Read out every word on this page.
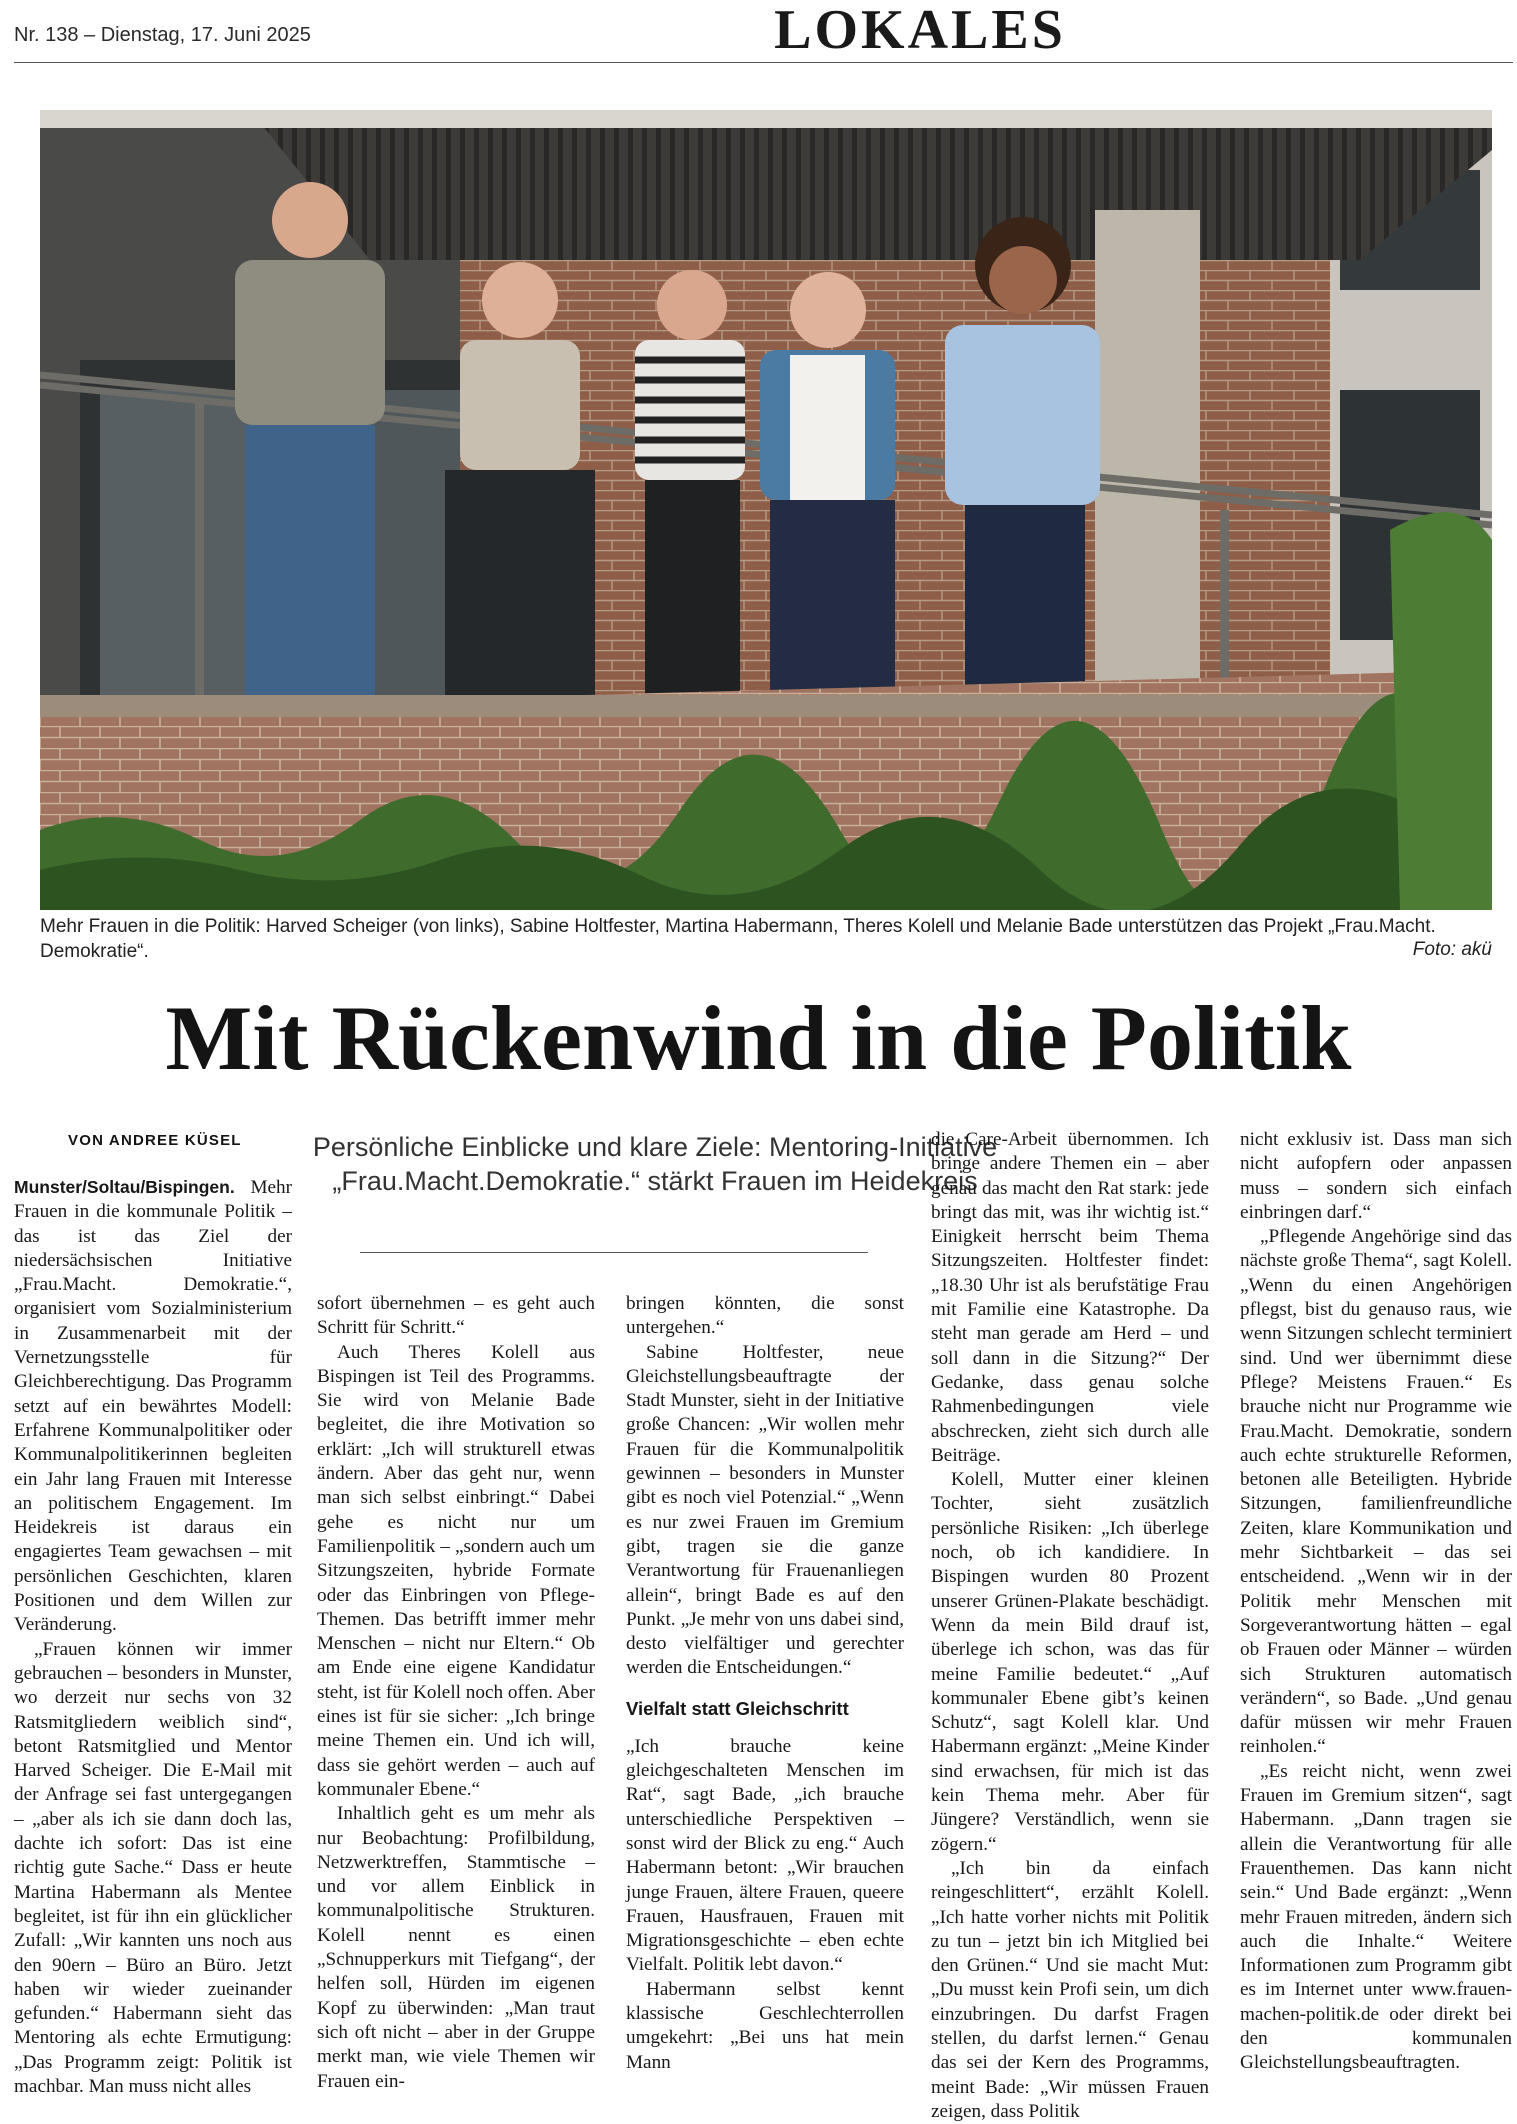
Nr. 138 – Dienstag, 17. Juni 2025	LOKALES
Mehr Frauen in die Politik: Harved Scheiger (von links), Sabine Holtfester, Martina Habermann, Theres Kolell und Melanie Bade unterstützen das Projekt „Frau.Macht. Demokratie“.	Foto: akü
Mit Rückenwind in die Politik
VON ANDREE KÜSEL	Persönliche Einblicke und klare Ziele: Mentoring-Initiative „Frau.Macht.Demokratie.“ stärkt Frauen im Heidekreis

Munster/Soltau/Bispingen. Mehr Frauen in die kommunale Politik – das ist das Ziel der niedersächsischen Initiative „Frau.Macht. Demokratie.“, organisiert vom Sozialministerium in Zusammenarbeit mit der Vernetzungsstelle für Gleichberechtigung. Das Programm setzt auf ein bewährtes Modell: Erfahrene Kommunalpolitiker oder Kommunalpolitikerinnen begleiten ein Jahr lang Frauen mit Interesse an politischem Engagement. Im Heidekreis ist daraus ein engagiertes Team gewachsen – mit persönlichen Geschichten, klaren Positionen und dem Willen zur Veränderung.

„Frauen können wir immer gebrauchen – besonders in Munster, wo derzeit nur sechs von 32 Ratsmitgliedern weiblich sind“, betont Ratsmitglied und Mentor Harved Scheiger. Die E-Mail mit der Anfrage sei fast untergegangen – „aber als ich sie dann doch las, dachte ich sofort: Das ist eine richtig gute Sache.“ Dass er heute Martina Habermann als Mentee begleitet, ist für ihn ein glücklicher Zufall: „Wir kannten uns noch aus den 90ern – Büro an Büro. Jetzt haben wir wieder zueinander gefunden.“ Habermann sieht das Mentoring als echte Ermutigung: „Das Programm zeigt: Politik ist machbar. Man muss nicht alles

sofort übernehmen – es geht auch Schritt für Schritt.“

Auch Theres Kolell aus Bispingen ist Teil des Programms. Sie wird von Melanie Bade begleitet, die ihre Motivation so erklärt: „Ich will strukturell etwas ändern. Aber das geht nur, wenn man sich selbst einbringt.“ Dabei gehe es nicht nur um Familienpolitik – „sondern auch um Sitzungszeiten, hybride Formate oder das Einbringen von Pflege-Themen. Das betrifft immer mehr Menschen – nicht nur Eltern.“ Ob am Ende eine eigene Kandidatur steht, ist für Kolell noch offen. Aber eines ist für sie sicher: „Ich bringe meine Themen ein. Und ich will, dass sie gehört werden – auch auf kommunaler Ebene.“

Inhaltlich geht es um mehr als nur Beobachtung: Profilbildung, Netzwerktreffen, Stammtische – und vor allem Einblick in kommunalpolitische Strukturen. Kolell nennt es einen „Schnupperkurs mit Tiefgang“, der helfen soll, Hürden im eigenen Kopf zu überwinden: „Man traut sich oft nicht – aber in der Gruppe merkt man, wie viele Themen wir Frauen ein-

bringen könnten, die sonst untergehen.“

Sabine Holtfester, neue Gleichstellungsbeauftragte der Stadt Munster, sieht in der Initiative große Chancen: „Wir wollen mehr Frauen für die Kommunalpolitik gewinnen – besonders in Munster gibt es noch viel Potenzial.“ „Wenn es nur zwei Frauen im Gremium gibt, tragen sie die ganze Verantwortung für Frauenanliegen allein“, bringt Bade es auf den Punkt. „Je mehr von uns dabei sind, desto vielfältiger und gerechter werden die Entscheidungen.“

Vielfalt statt Gleichschritt

„Ich brauche keine gleichgeschalteten Menschen im Rat“, sagt Bade, „ich brauche unterschiedliche Perspektiven – sonst wird der Blick zu eng.“ Auch Habermann betont: „Wir brauchen junge Frauen, ältere Frauen, queere Frauen, Hausfrauen, Frauen mit Migrationsgeschichte – eben echte Vielfalt. Politik lebt davon.“

Habermann selbst kennt klassische Geschlechterrollen umgekehrt: „Bei uns hat mein Mann

die Care-Arbeit übernommen. Ich bringe andere Themen ein – aber genau das macht den Rat stark: jede bringt das mit, was ihr wichtig ist.“ Einigkeit herrscht beim Thema Sitzungszeiten. Holtfester findet: „18.30 Uhr ist als berufstätige Frau mit Familie eine Katastrophe. Da steht man gerade am Herd – und soll dann in die Sitzung?“ Der Gedanke, dass genau solche Rahmenbedingungen viele abschrecken, zieht sich durch alle Beiträge.

Kolell, Mutter einer kleinen Tochter, sieht zusätzlich persönliche Risiken: „Ich überlege noch, ob ich kandidiere. In Bispingen wurden 80 Prozent unserer Grünen-Plakate beschädigt. Wenn da mein Bild drauf ist, überlege ich schon, was das für meine Familie bedeutet.“ „Auf kommunaler Ebene gibt’s keinen Schutz“, sagt Kolell klar. Und Habermann ergänzt: „Meine Kinder sind erwachsen, für mich ist das kein Thema mehr. Aber für Jüngere? Verständlich, wenn sie zögern.“

„Ich bin da einfach reingeschlittert“, erzählt Kolell. „Ich hatte vorher nichts mit Politik zu tun – jetzt bin ich Mitglied bei den Grünen.“ Und sie macht Mut: „Du musst kein Profi sein, um dich einzubringen. Du darfst Fragen stellen, du darfst lernen.“ Genau das sei der Kern des Programms, meint Bade: „Wir müssen Frauen zeigen, dass Politik

nicht exklusiv ist. Dass man sich nicht aufopfern oder anpassen muss – sondern sich einfach einbringen darf.“

„Pflegende Angehörige sind das nächste große Thema“, sagt Kolell. „Wenn du einen Angehörigen pflegst, bist du genauso raus, wie wenn Sitzungen schlecht terminiert sind. Und wer übernimmt diese Pflege? Meistens Frauen.“ Es brauche nicht nur Programme wie Frau.Macht. Demokratie, sondern auch echte strukturelle Reformen, betonen alle Beteiligten. Hybride Sitzungen, familienfreundliche Zeiten, klare Kommunikation und mehr Sichtbarkeit – das sei entscheidend. „Wenn wir in der Politik mehr Menschen mit Sorgeverantwortung hätten – egal ob Frauen oder Männer – würden sich Strukturen automatisch verändern“, so Bade. „Und genau dafür müssen wir mehr Frauen reinholen.“

„Es reicht nicht, wenn zwei Frauen im Gremium sitzen“, sagt Habermann. „Dann tragen sie allein die Verantwortung für alle Frauenthemen. Das kann nicht sein.“ Und Bade ergänzt: „Wenn mehr Frauen mitreden, ändern sich auch die Inhalte.“ Weitere Informationen zum Programm gibt es im Internet unter www.frauen-machen-politik.de oder direkt bei den kommunalen Gleichstellungsbeauftragten.
